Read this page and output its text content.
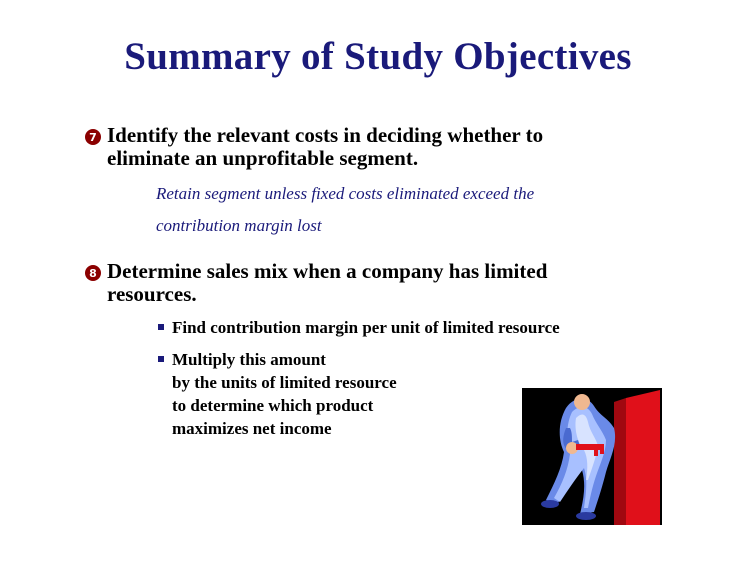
Summary of Study Objectives
7 Identify the relevant costs in deciding whether to
eliminate an unprofitable segment.
Retain segment unless fixed costs eliminated exceed the
contribution margin lost
8 Determine sales mix when a company has limited
resources.
Find contribution margin per unit of limited resource
Multiply this amount
by the units of limited resource
to determine which product
maximizes net income
